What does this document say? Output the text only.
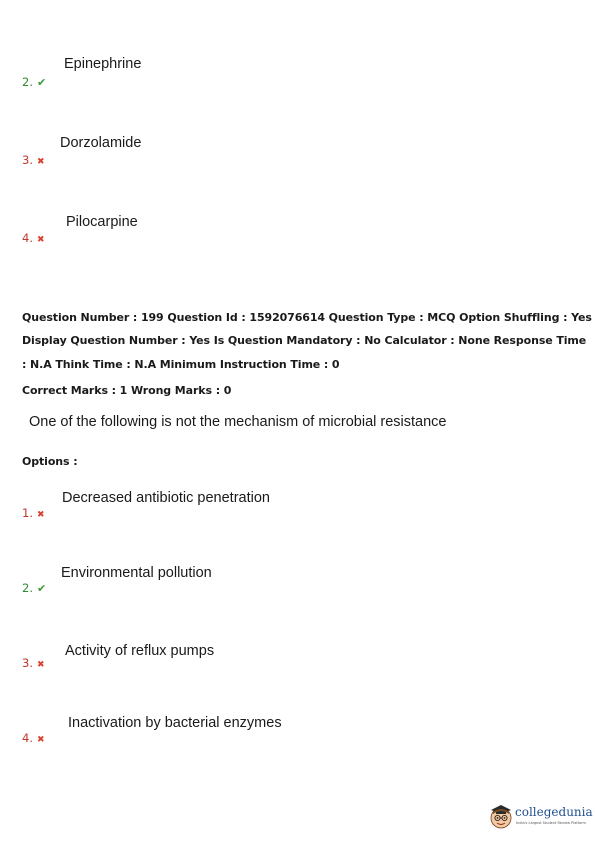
Epinephrine
2. ✔
Dorzolamide
3. ✖
Pilocarpine
4. ✖
Question Number : 199 Question Id : 1592076614 Question Type : MCQ Option Shuffling : Yes
Display Question Number : Yes Is Question Mandatory : No Calculator : None Response Time
: N.A Think Time : N.A Minimum Instruction Time : 0
Correct Marks : 1 Wrong Marks : 0
One of the following is not the mechanism of microbial resistance
Options :
Decreased antibiotic penetration
1. ✖
Environmental pollution
2. ✔
Activity of reflux pumps
3. ✖
Inactivation by bacterial enzymes
4. ✖
collegedunia
India's Largest Student Review Platform
